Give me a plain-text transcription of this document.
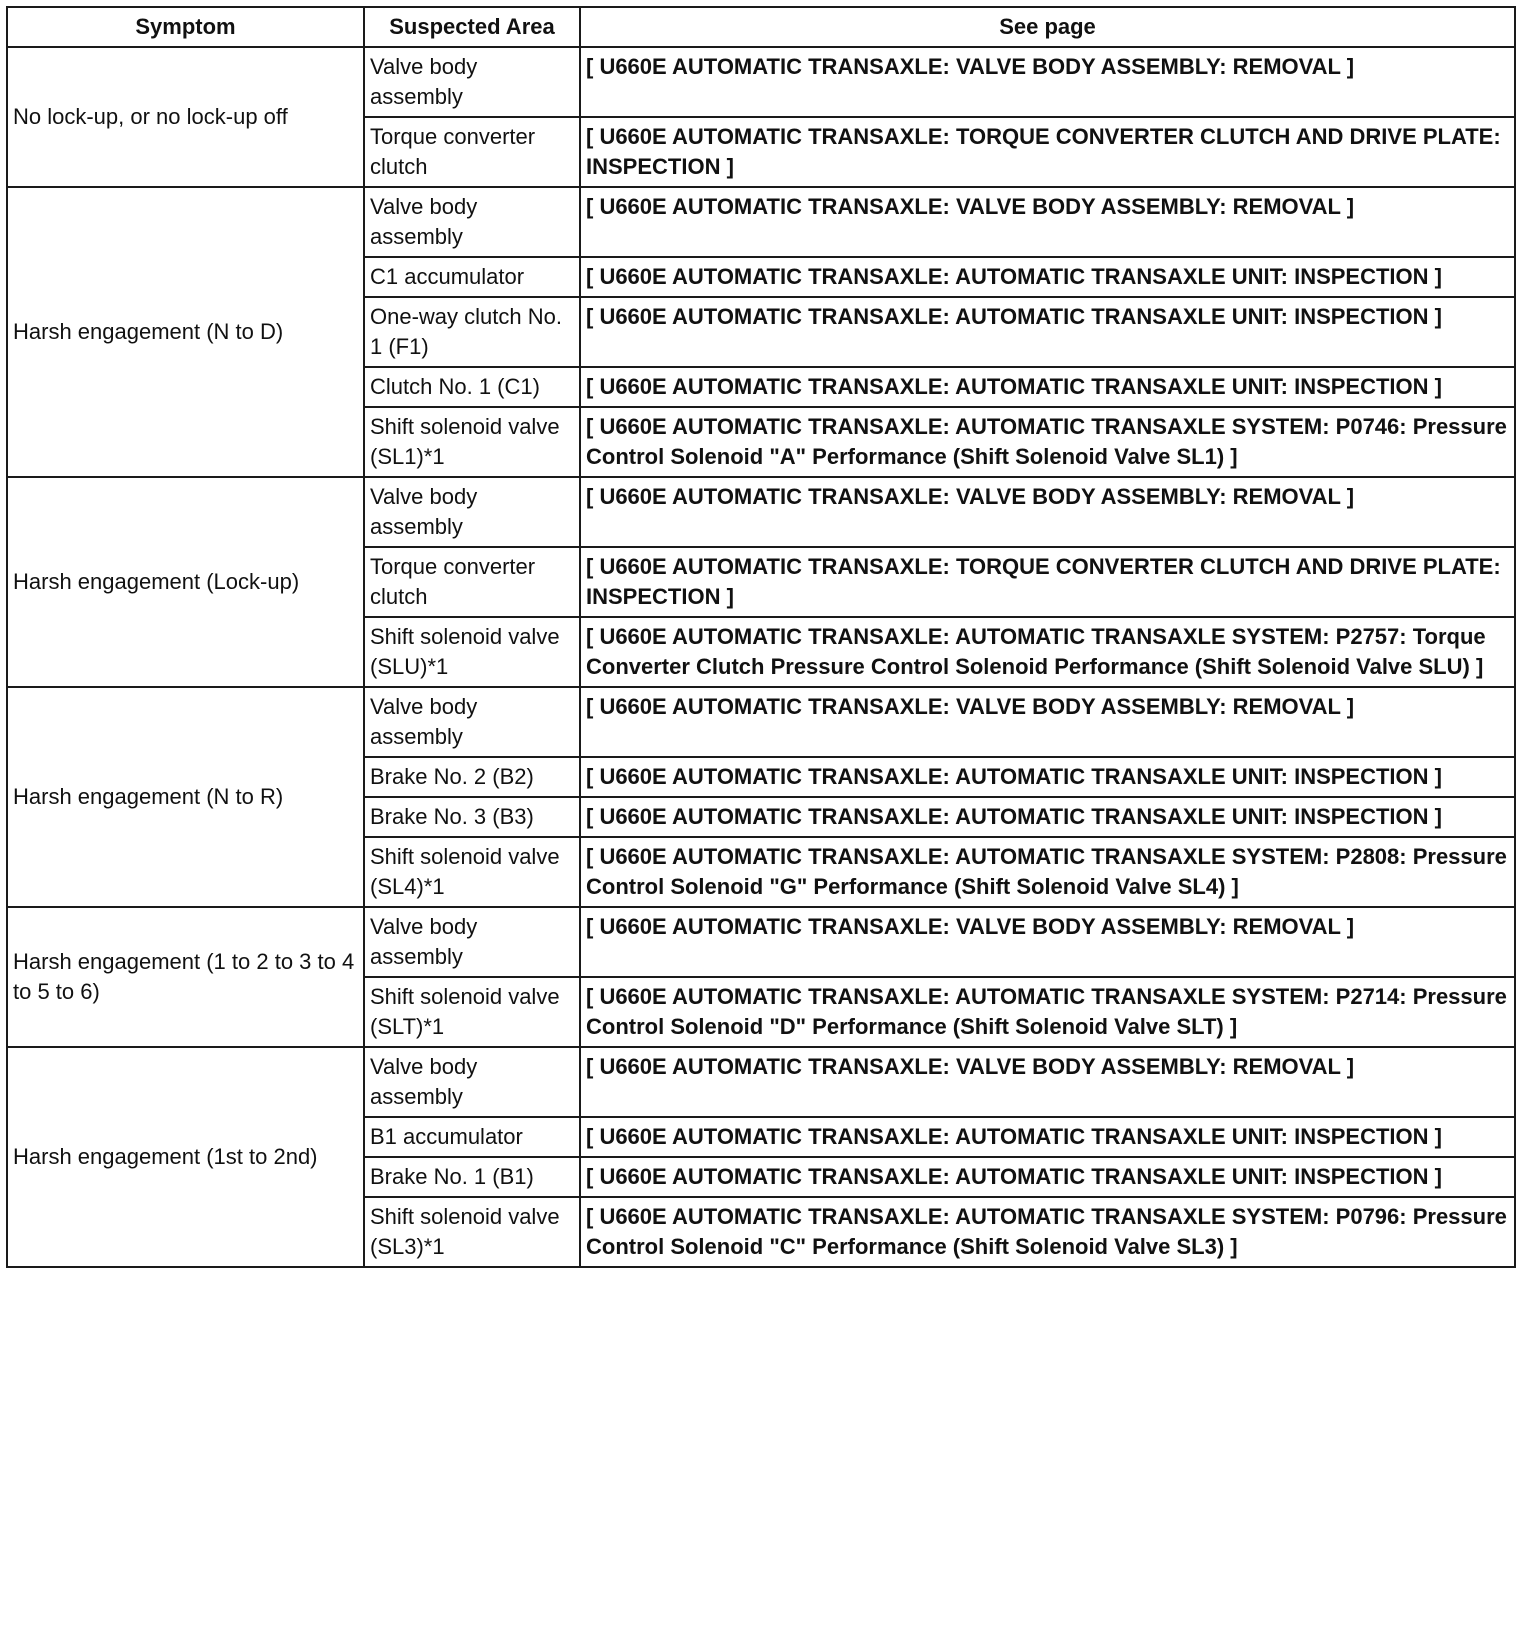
Symptom	Suspected Area	See page
No lock-up, or no lock-up off	Valve body assembly	[ U660E AUTOMATIC TRANSAXLE: VALVE BODY ASSEMBLY: REMOVAL ]
	Torque converter clutch	[ U660E AUTOMATIC TRANSAXLE: TORQUE CONVERTER CLUTCH AND DRIVE PLATE: INSPECTION ]
Harsh engagement (N to D)	Valve body assembly	[ U660E AUTOMATIC TRANSAXLE: VALVE BODY ASSEMBLY: REMOVAL ]
	C1 accumulator	[ U660E AUTOMATIC TRANSAXLE: AUTOMATIC TRANSAXLE UNIT: INSPECTION ]
	One-way clutch No. 1 (F1)	[ U660E AUTOMATIC TRANSAXLE: AUTOMATIC TRANSAXLE UNIT: INSPECTION ]
	Clutch No. 1 (C1)	[ U660E AUTOMATIC TRANSAXLE: AUTOMATIC TRANSAXLE UNIT: INSPECTION ]
	Shift solenoid valve (SL1)*1	[ U660E AUTOMATIC TRANSAXLE: AUTOMATIC TRANSAXLE SYSTEM: P0746: Pressure Control Solenoid "A" Performance (Shift Solenoid Valve SL1) ]
Harsh engagement (Lock-up)	Valve body assembly	[ U660E AUTOMATIC TRANSAXLE: VALVE BODY ASSEMBLY: REMOVAL ]
	Torque converter clutch	[ U660E AUTOMATIC TRANSAXLE: TORQUE CONVERTER CLUTCH AND DRIVE PLATE: INSPECTION ]
	Shift solenoid valve (SLU)*1	[ U660E AUTOMATIC TRANSAXLE: AUTOMATIC TRANSAXLE SYSTEM: P2757: Torque Converter Clutch Pressure Control Solenoid Performance (Shift Solenoid Valve SLU) ]
Harsh engagement (N to R)	Valve body assembly	[ U660E AUTOMATIC TRANSAXLE: VALVE BODY ASSEMBLY: REMOVAL ]
	Brake No. 2 (B2)	[ U660E AUTOMATIC TRANSAXLE: AUTOMATIC TRANSAXLE UNIT: INSPECTION ]
	Brake No. 3 (B3)	[ U660E AUTOMATIC TRANSAXLE: AUTOMATIC TRANSAXLE UNIT: INSPECTION ]
	Shift solenoid valve (SL4)*1	[ U660E AUTOMATIC TRANSAXLE: AUTOMATIC TRANSAXLE SYSTEM: P2808: Pressure Control Solenoid "G" Performance (Shift Solenoid Valve SL4) ]
Harsh engagement (1 to 2 to 3 to 4 to 5 to 6)	Valve body assembly	[ U660E AUTOMATIC TRANSAXLE: VALVE BODY ASSEMBLY: REMOVAL ]
	Shift solenoid valve (SLT)*1	[ U660E AUTOMATIC TRANSAXLE: AUTOMATIC TRANSAXLE SYSTEM: P2714: Pressure Control Solenoid "D" Performance (Shift Solenoid Valve SLT) ]
Harsh engagement (1st to 2nd)	Valve body assembly	[ U660E AUTOMATIC TRANSAXLE: VALVE BODY ASSEMBLY: REMOVAL ]
	B1 accumulator	[ U660E AUTOMATIC TRANSAXLE: AUTOMATIC TRANSAXLE UNIT: INSPECTION ]
	Brake No. 1 (B1)	[ U660E AUTOMATIC TRANSAXLE: AUTOMATIC TRANSAXLE UNIT: INSPECTION ]
	Shift solenoid valve (SL3)*1	[ U660E AUTOMATIC TRANSAXLE: AUTOMATIC TRANSAXLE SYSTEM: P0796: Pressure Control Solenoid "C" Performance (Shift Solenoid Valve SL3) ]
